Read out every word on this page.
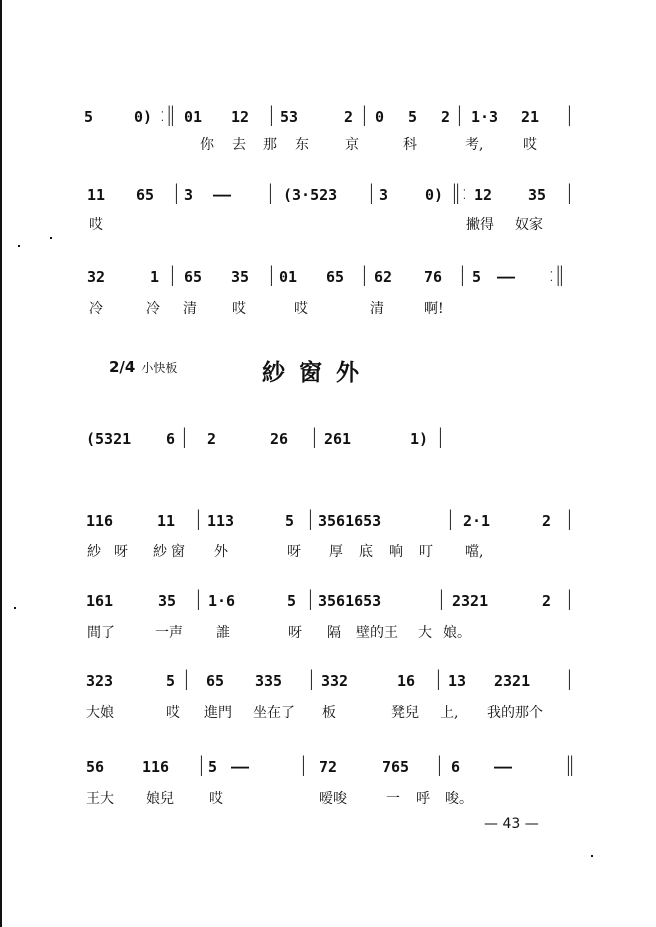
5	0) :‖ 01 12 | 53	2 | 0 5 2 | 1·3 21 |
你 去 那 东	京	科	考,	哎
11 65 | 3 —— | (3·523 | 3 0) ‖: 12 35 |
哎	撇得 奴家
32	1 | 65 35 | 01 65 | 62 76 | 5 —— :‖
冷	冷 清	哎	哎	清	啊!
2/4 小快板	紗窗外
(5321 6 | 2	26 | 261	1) |
116	11 | 113	5 | 3561653	| 2·1	2 |
紗 呀 紗 窗 外	呀 厚 底 响 叮 噹,
161	35 | 1·6	5 | 3561653	| 2321	2 |
間了	一声 誰	呀 隔 壁的王 大 娘。
323	5 | 65 335 | 332	16 | 13 2321 |
大娘	哎 進門 坐在了 板	凳兒 上, 我的那个
56	116 | 5 ——	| 72	765 | 6 ——	‖
王大 娘兒	哎	嗳唆	一 呼 唆。
— 43 —
